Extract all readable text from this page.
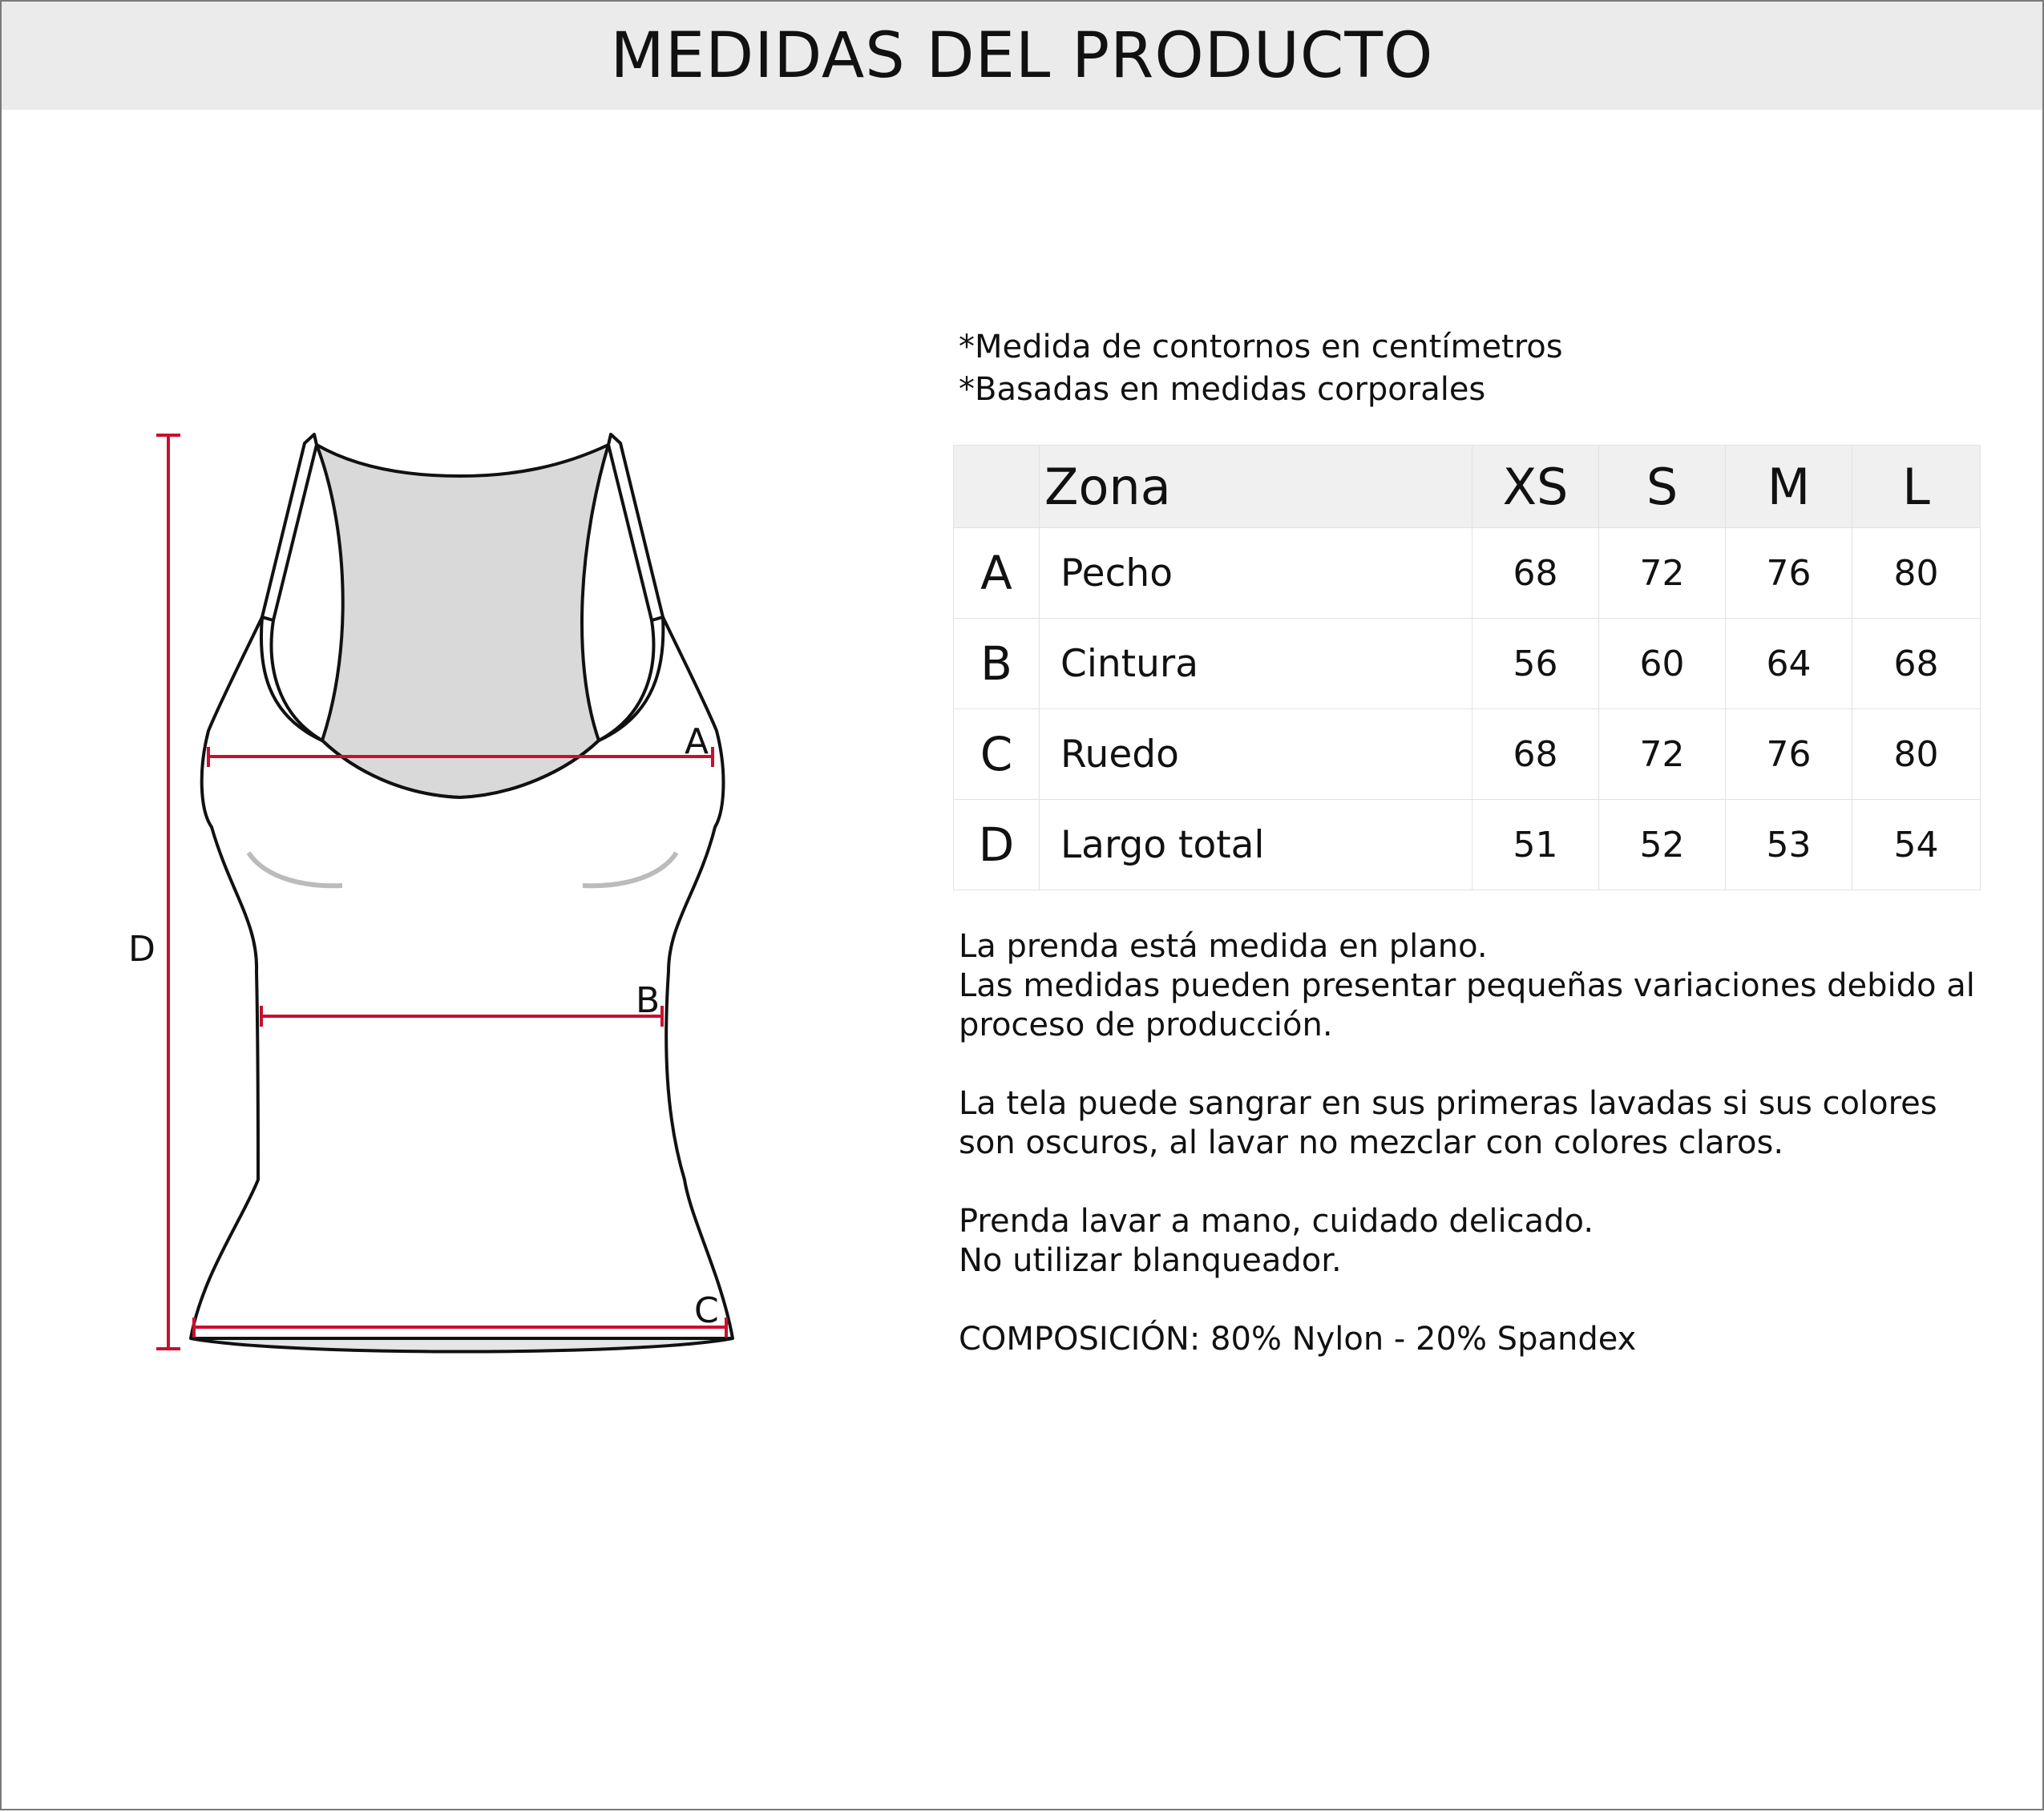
MEDIDAS DEL PRODUCTO
A
B
C
D
*Medida de contornos en centímetros
*Basadas en medidas corporales
	Zona	XS	S	M	L
A	Pecho	68	72	76	80
B	Cintura	56	60	64	68
C	Ruedo	68	72	76	80
D	Largo total	51	52	53	54

La prenda está medida en plano.
Las medidas pueden presentar pequeñas variaciones debido al
proceso de producción.

La tela puede sangrar en sus primeras lavadas si sus colores
son oscuros, al lavar no mezclar con colores claros.

Prenda lavar a mano, cuidado delicado.
No utilizar blanqueador.

COMPOSICIÓN: 80% Nylon - 20% Spandex
